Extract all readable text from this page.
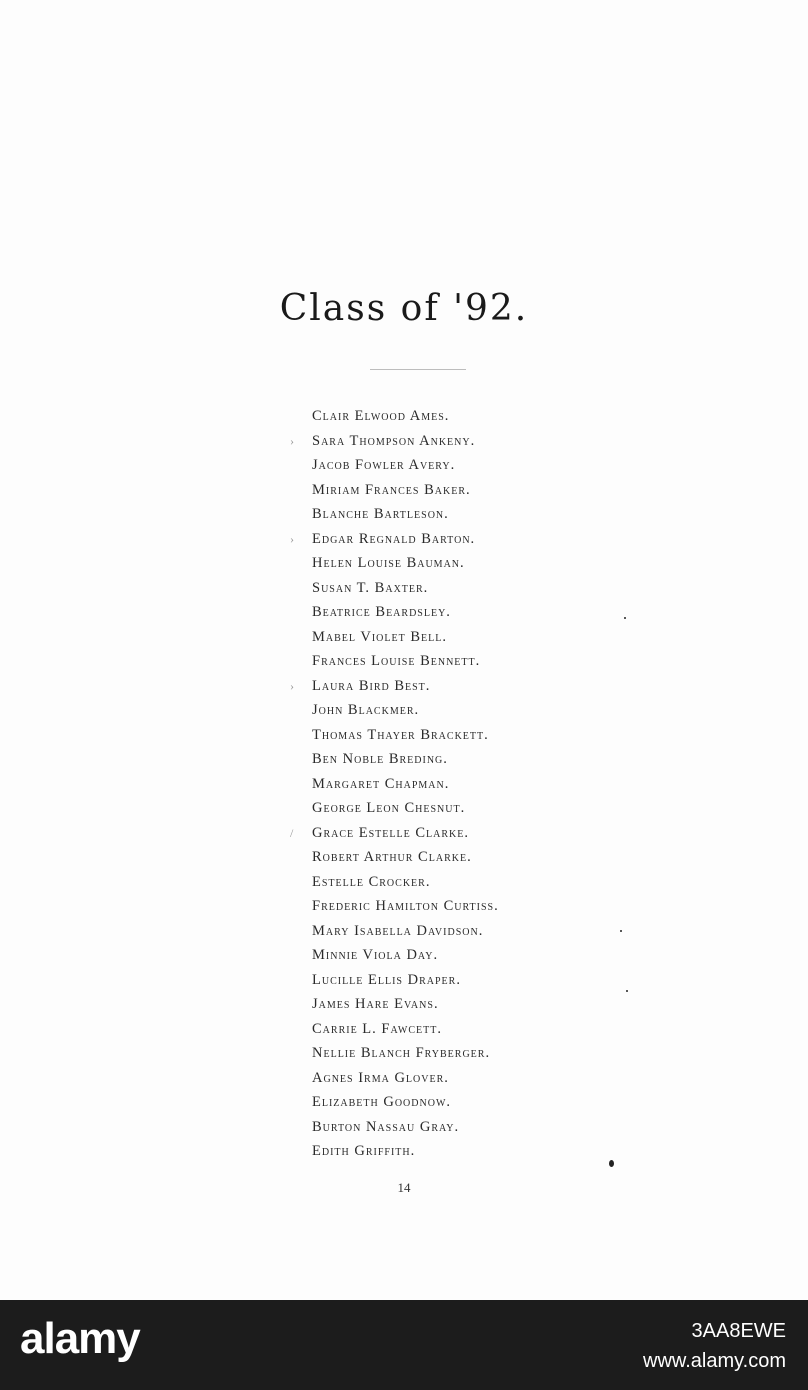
Class of '92.
Clair Elwood Ames.
›	Sara Thompson Ankeny.
Jacob Fowler Avery.
Miriam Frances Baker.
Blanche Bartleson.
›	Edgar Regnald Barton.
Helen Louise Bauman.
Susan T. Baxter.
Beatrice Beardsley.
Mabel Violet Bell.
Frances Louise Bennett.
›	Laura Bird Best.
John Blackmer.
Thomas Thayer Brackett.
Ben Noble Breding.
Margaret Chapman.
George Leon Chesnut.
/	Grace Estelle Clarke.
Robert Arthur Clarke.
Estelle Crocker.
Frederic Hamilton Curtiss.
Mary Isabella Davidson.
Minnie Viola Day.
Lucille Ellis Draper.
James Hare Evans.
Carrie L. Fawcett.
Nellie Blanch Fryberger.
Agnes Irma Glover.
Elizabeth Goodnow.
Burton Nassau Gray.
Edith Griffith.
14
alamy	3AA8EWE
www.alamy.com
